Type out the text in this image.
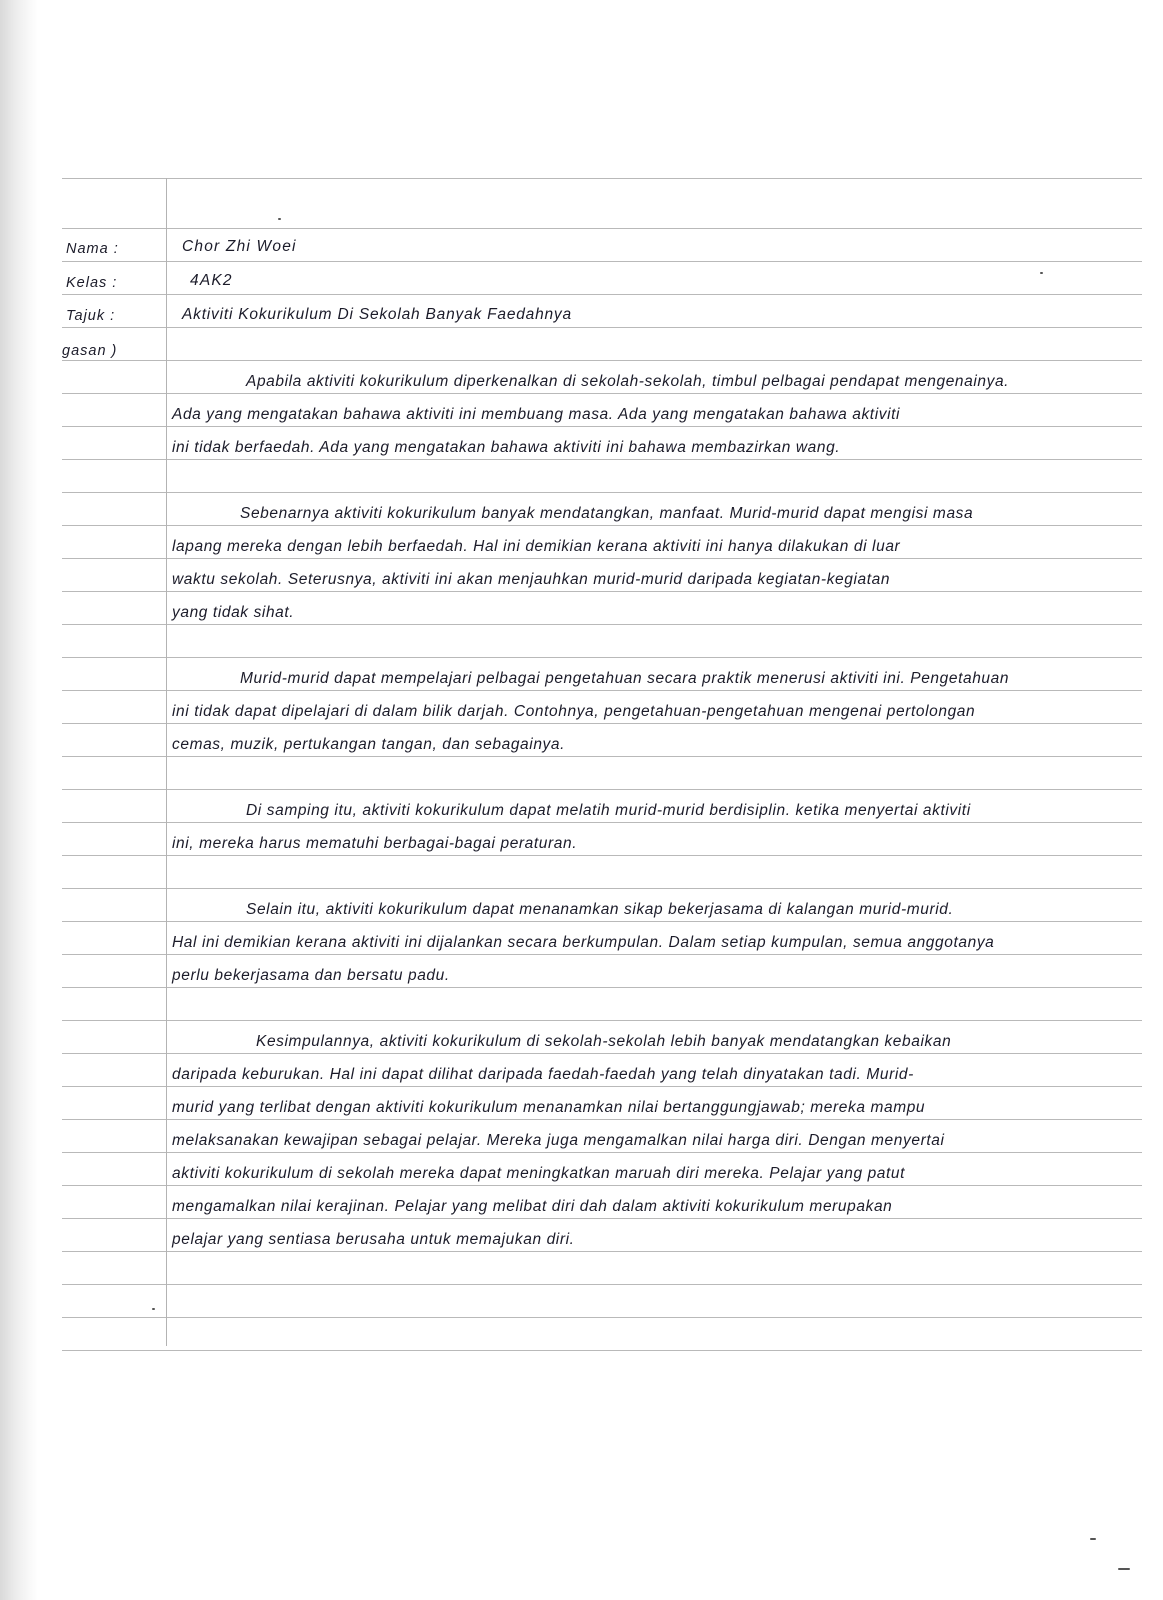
Nama :	Chor Zhi Woei
Kelas :	4AK2
Tajuk :	Aktiviti Kokurikulum Di Sekolah Banyak Faedahnya
gasan )
Apabila aktiviti kokurikulum diperkenalkan di sekolah-sekolah, timbul pelbagai pendapat mengenainya.
Ada yang mengatakan bahawa aktiviti ini membuang masa. Ada yang mengatakan bahawa aktiviti
ini tidak berfaedah. Ada yang mengatakan bahawa aktiviti ini bahawa membazirkan wang.
Sebenarnya aktiviti kokurikulum banyak mendatangkan, manfaat. Murid-murid dapat mengisi masa
lapang mereka dengan lebih berfaedah. Hal ini demikian kerana aktiviti ini hanya dilakukan di luar
waktu sekolah. Seterusnya, aktiviti ini akan menjauhkan murid-murid daripada kegiatan-kegiatan
yang tidak sihat.
Murid-murid dapat mempelajari pelbagai pengetahuan secara praktik menerusi aktiviti ini. Pengetahuan
ini tidak dapat dipelajari di dalam bilik darjah. Contohnya, pengetahuan-pengetahuan mengenai pertolongan
cemas, muzik, pertukangan tangan, dan sebagainya.
Di samping itu, aktiviti kokurikulum dapat melatih murid-murid berdisiplin. ketika menyertai aktiviti
ini, mereka harus mematuhi berbagai-bagai peraturan.
Selain itu, aktiviti kokurikulum dapat menanamkan sikap bekerjasama di kalangan murid-murid.
Hal ini demikian kerana aktiviti ini dijalankan secara berkumpulan. Dalam setiap kumpulan, semua anggotanya
perlu bekerjasama dan bersatu padu.
Kesimpulannya, aktiviti kokurikulum di sekolah-sekolah lebih banyak mendatangkan kebaikan
daripada keburukan. Hal ini dapat dilihat daripada faedah-faedah yang telah dinyatakan tadi. Murid-
murid yang terlibat dengan aktiviti kokurikulum menanamkan nilai bertanggungjawab; mereka mampu
melaksanakan kewajipan sebagai pelajar. Mereka juga mengamalkan nilai harga diri. Dengan menyertai
aktiviti kokurikulum di sekolah mereka dapat meningkatkan maruah diri mereka. Pelajar yang patut
mengamalkan nilai kerajinan. Pelajar yang melibat diri dah dalam aktiviti kokurikulum merupakan
pelajar yang sentiasa berusaha untuk memajukan diri.
